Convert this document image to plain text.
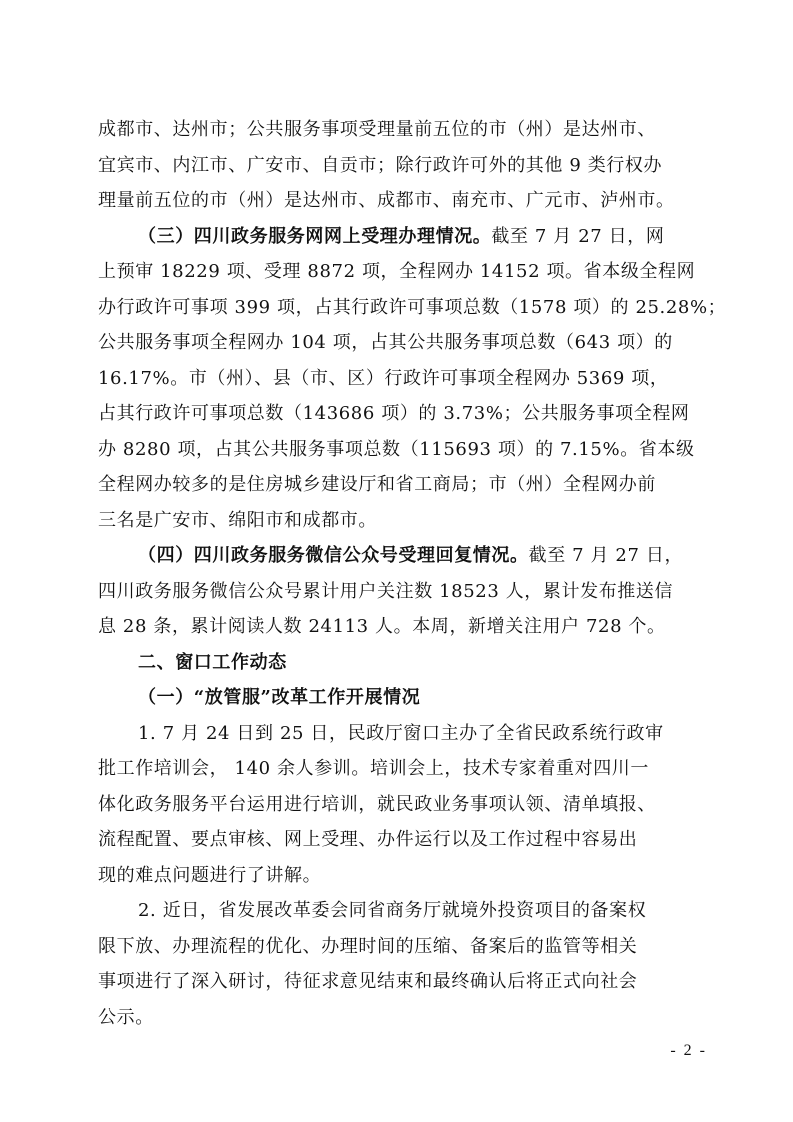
成都市、达州市；公共服务事项受理量前五位的市（州）是达州市、
宜宾市、内江市、广安市、自贡市；除行政许可外的其他 9 类行权办
理量前五位的市（州）是达州市、成都市、南充市、广元市、泸州市。
（三）四川政务服务网网上受理办理情况。截至 7 月 27 日，网
上预审 18229 项、受理 8872 项，全程网办 14152 项。省本级全程网
办行政许可事项 399 项，占其行政许可事项总数（1578 项）的 25.28%；
公共服务事项全程网办 104 项，占其公共服务事项总数（643 项）的
16.17%。市（州）、县（市、区）行政许可事项全程网办 5369 项，
占其行政许可事项总数（143686 项）的 3.73%；公共服务事项全程网
办 8280 项，占其公共服务事项总数（115693 项）的 7.15%。省本级
全程网办较多的是住房城乡建设厅和省工商局；市（州）全程网办前
三名是广安市、绵阳市和成都市。
（四）四川政务服务微信公众号受理回复情况。截至 7 月 27 日，
四川政务服务微信公众号累计用户关注数 18523 人，累计发布推送信
息 28 条，累计阅读人数 24113 人。本周，新增关注用户 728 个。
二、窗口工作动态
（一）“放管服”改革工作开展情况
1. 7 月 24 日到 25 日，民政厅窗口主办了全省民政系统行政审
批工作培训会， 140 余人参训。培训会上，技术专家着重对四川一
体化政务服务平台运用进行培训，就民政业务事项认领、清单填报、
流程配置、要点审核、网上受理、办件运行以及工作过程中容易出
现的难点问题进行了讲解。
2. 近日，省发展改革委会同省商务厅就境外投资项目的备案权
限下放、办理流程的优化、办理时间的压缩、备案后的监管等相关
事项进行了深入研讨，待征求意见结束和最终确认后将正式向社会
公示。
- 2 -
